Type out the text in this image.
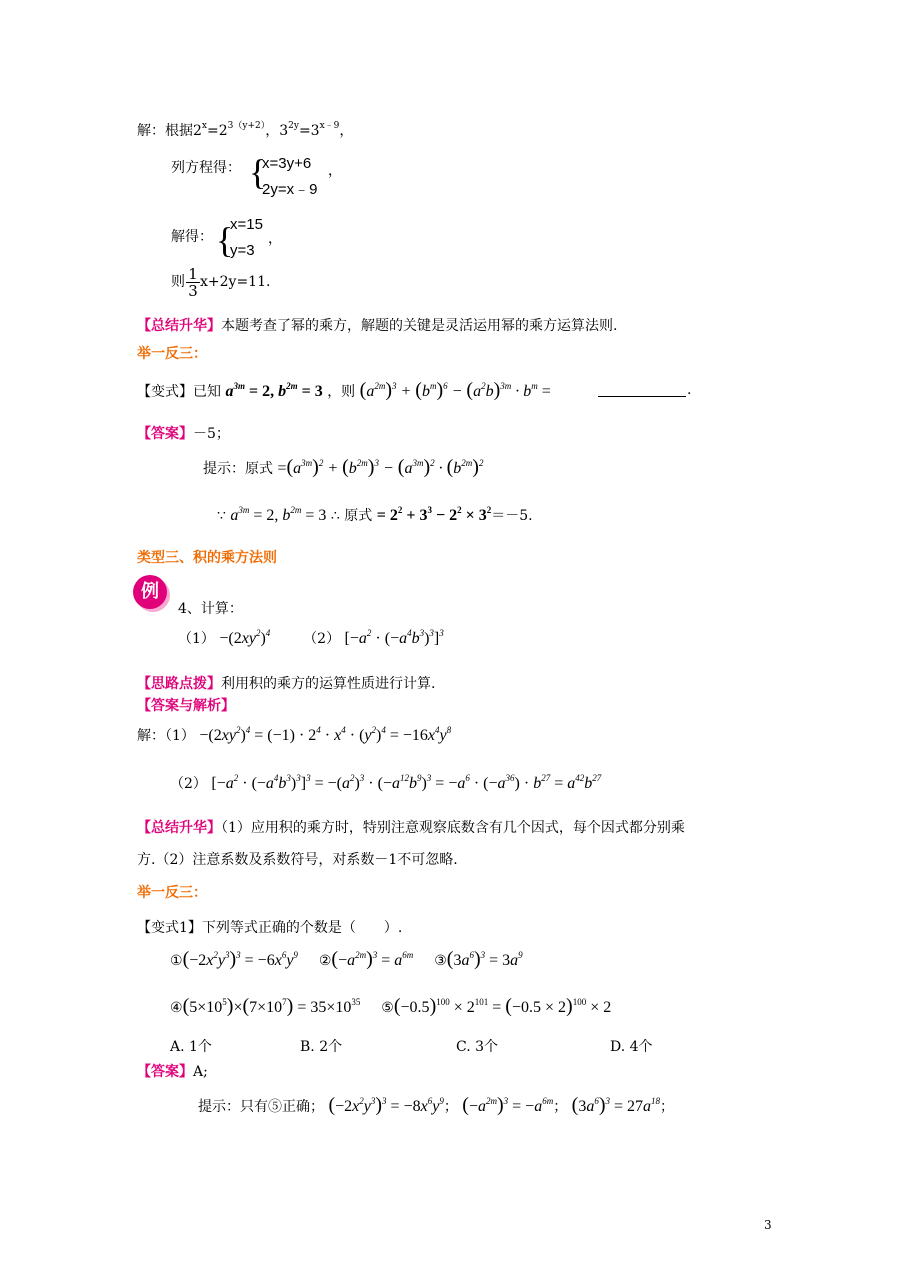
解：根据$2^x=2^{3(y+2)}$，$3^{2y}=3^{x﹣9}$，
列方程得： {
x=3y+6
2y=x﹣9
，
解得： {
x=15
y=3
，
则 $\frac{1}{3} x+2y=11$.
【总结升华】本题考查了幂的乘方，解题的关键是灵活运用幂的乘方运算法则.
举一反三：
【变式】已知 $a^{3m} = 2$, $b^{2m} = 3$ ，则 $(a^{2m})^3 + (b^m)^6 - (a^2b)^{3m} \cdot b^m$ =	.
【答案】－5；
提示：原式 $=(a^{3m})^2 + (b^{2m})^3 - (a^{3m})^2 \cdot (b^{2m})^2$
∵ $a^{3m} = 2$, $b^{2m} = 3$ ∴ 原式 = $2^2 + 3^3 - 2^2 \times 3^2=-5$.
类型三、积的乘方法则
例
4、计算：
$(1) -(2xy^2)^4$ （2） $[-a^2 \cdot (-a^4b^3)^3]^3$
【思路点拨】利用积的乘方的运算性质进行计算.
【答案与解析】
解：$(1) -(2xy^2)^4 = (-1) \cdot 2^4 \cdot x^4 \cdot (y^2)^4 = -16x^4y^8$
（2） $[-a^2 \cdot (-a^4b^3)^3]^3 = -(a^2)^3 \cdot (-a^{12}b^9)^3 = -a^6 \cdot (-a^{36}) \cdot b^{27} = a^{42}b^{27}$
【总结升华】（1）应用积的乘方时，特别注意观察底数含有几个因式，每个因式都分别乘
方.（2）注意系数及系数符号，对系数－1不可忽略.
举一反三：
【变式1】下列等式正确的个数是（　　）.
$①(-2x^2y^3)^3 = -6x^6y^9$ $②(-a^{2m})^3 = a^{6m}$ $③(3a^6)^3 = 3a^9$
$④(5\times 10^5)\times(7\times 10^7) = 35\times 10^{35}$ $⑤(-0.5)^{100} \times 2^{101} = (-0.5 \times 2)^{100} \times 2$
A. 1个	B. 2个	C. 3个	D. 4个
【答案】A;
提示：只有⑤正确； $(-2x^2y^3)^3 = -8x^6y^9$； $(-a^{2m})^3 = -a^{6m}$； $(3a^6)^3 = 27a^{18}$；
3
